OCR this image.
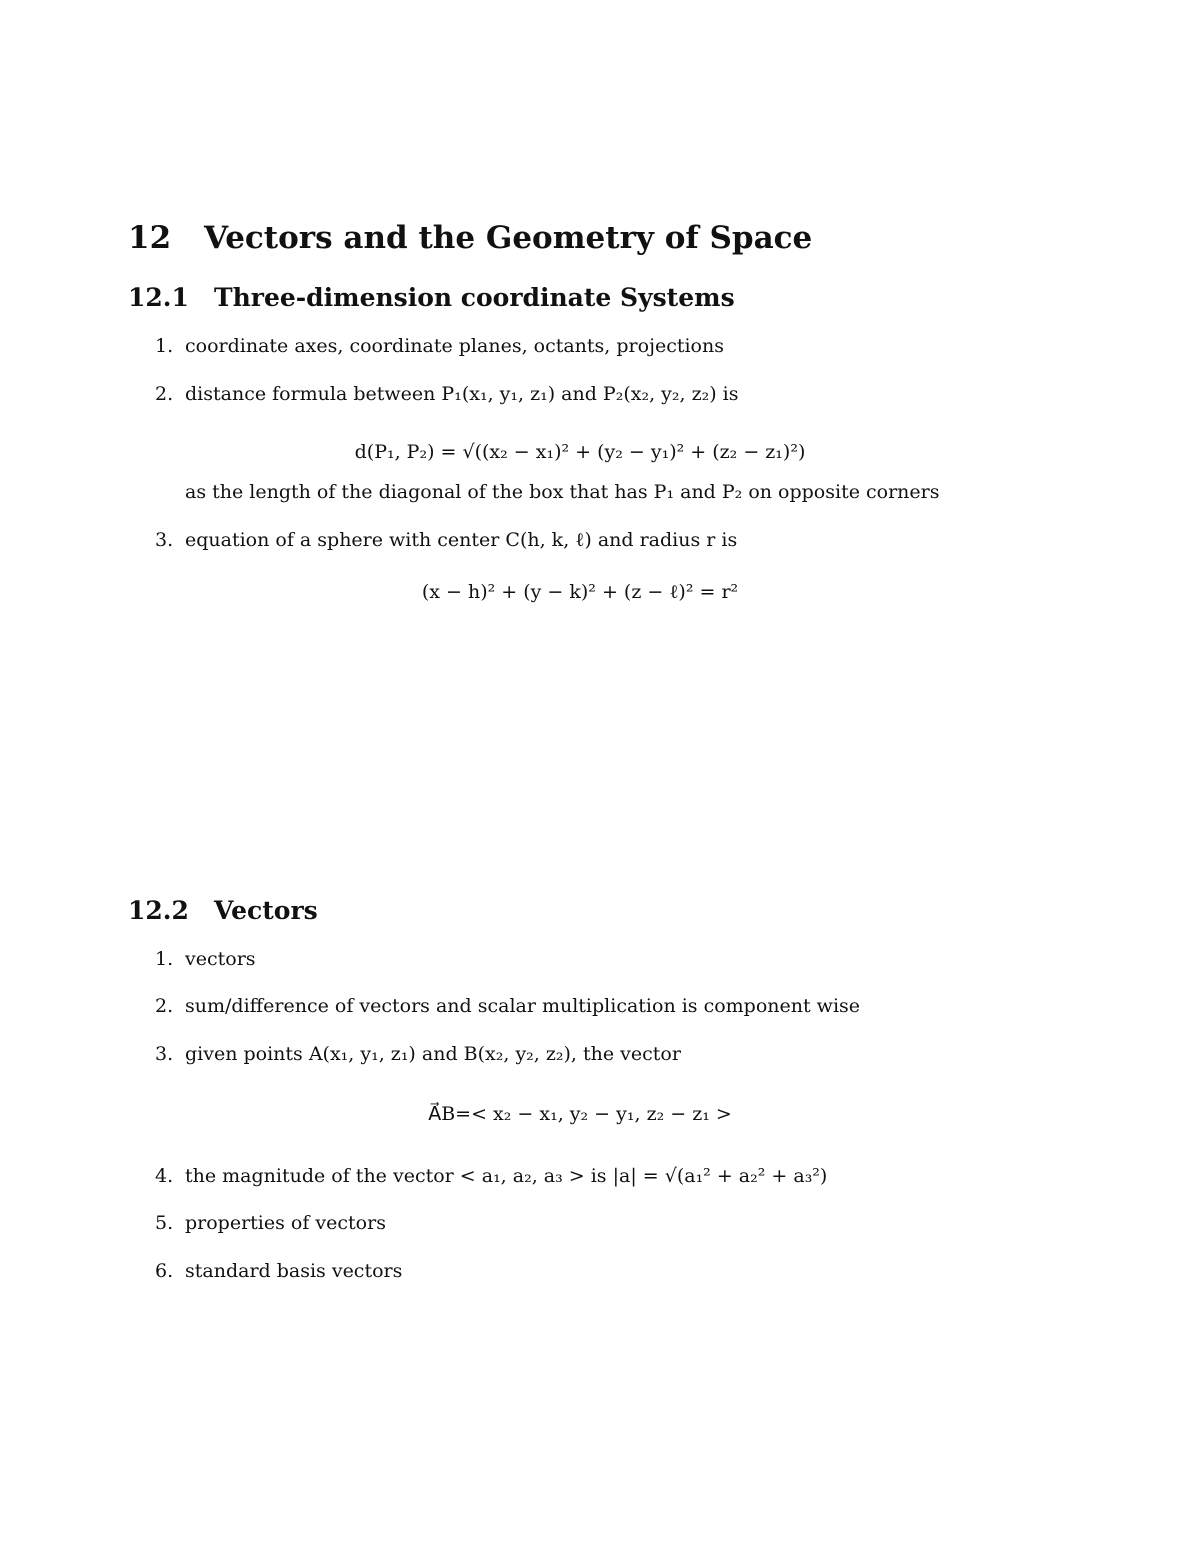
12 Vectors and the Geometry of Space
12.1 Three-dimension coordinate Systems
1. coordinate axes, coordinate planes, octants, projections
2. distance formula between P₁(x₁, y₁, z₁) and P₂(x₂, y₂, z₂) is
d(P₁, P₂) = √((x₂ − x₁)² + (y₂ − y₁)² + (z₂ − z₁)²)
as the length of the diagonal of the box that has P₁ and P₂ on opposite corners
3. equation of a sphere with center C(h, k, ℓ) and radius r is
(x − h)² + (y − k)² + (z − ℓ)² = r²
12.2 Vectors
1. vectors
2. sum/difference of vectors and scalar multiplication is component wise
3. given points A(x₁, y₁, z₁) and B(x₂, y₂, z₂), the vector
A⃗B=< x₂ − x₁, y₂ − y₁, z₂ − z₁ >
4. the magnitude of the vector < a₁, a₂, a₃ > is |a| = √(a₁² + a₂² + a₃²)
5. properties of vectors
6. standard basis vectors
